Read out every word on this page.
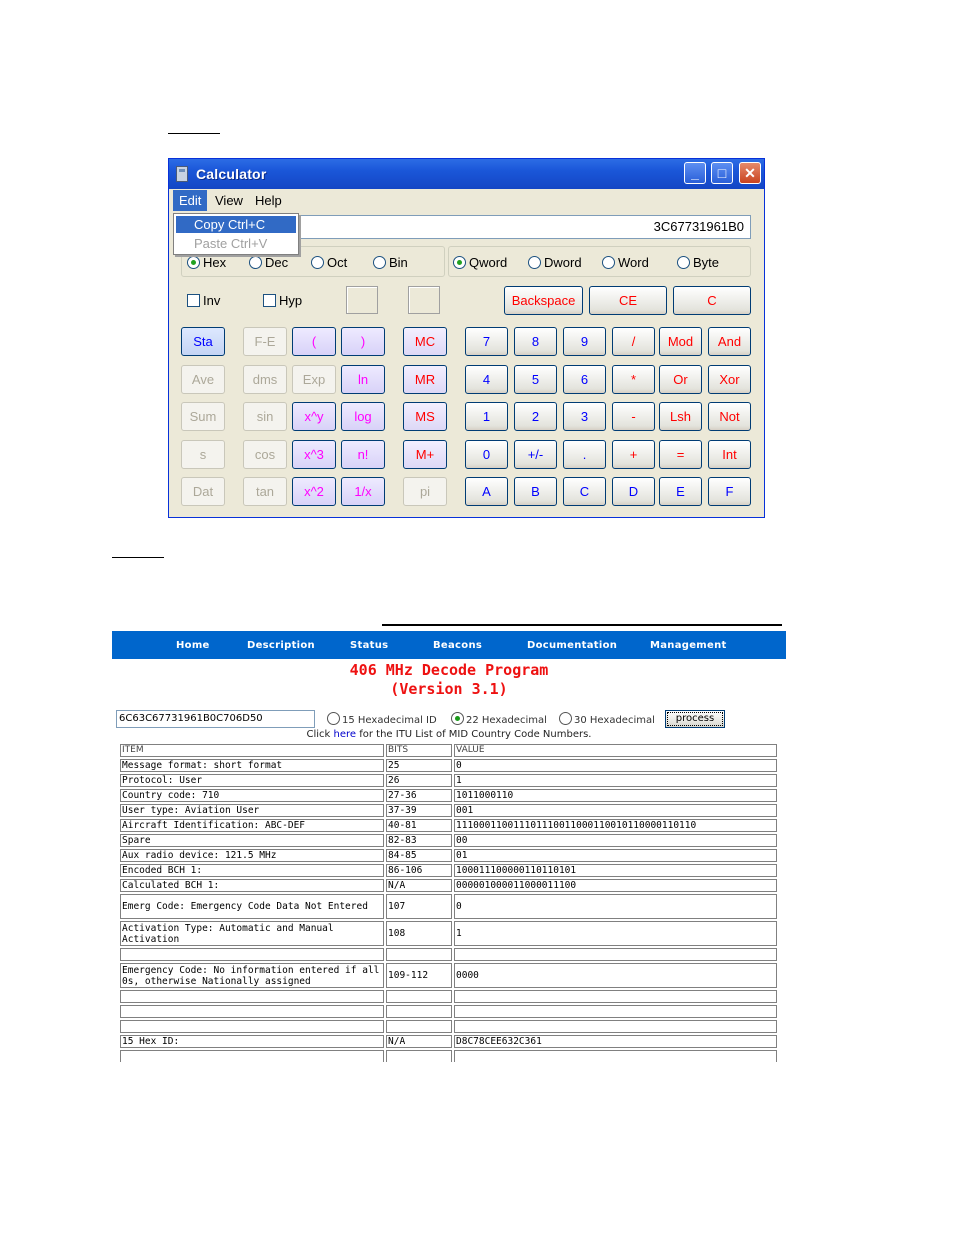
Calculator	_	□	✕
Edit	View Help
Copy Ctrl+C
Paste Ctrl+V
3C67731961B0
Hex	Dec	Oct	Bin	Qword	Dword	Word	Byte
Inv	Hyp	Backspace	CE	C
Sta	F-E	(	)	MC	7	8	9	/	Mod	And
Ave	dms	Exp	ln	MR	4	5	6	*	Or	Xor
Sum	sin	x^y	log	MS	1	2	3	-	Lsh	Not
s	cos	x^3	n!	M+	0	+/-	.	+	=	Int
Dat	tan	x^2	1/x	pi	A	B	C	D	E	F
Home	Description	Status	Beacons	Documentation	Management
406 MHz Decode Program
(Version 3.1)
6C63C67731961B0C706D50	15 Hexadecimal ID	22 Hexadecimal	30 Hexadecimal	process
Click here for the ITU List of MID Country Code Numbers.
ITEM	BITS	VALUE
Message format: short format	25	0
Protocol: User	26	1
Country code: 710	27-36	1011000110
User type: Aviation User	37-39	001
Aircraft Identification: ABC-DEF	40-81	111000110011101110011000110010110000110110
Spare	82-83	00
Aux radio device: 121.5 MHz	84-85	01
Encoded BCH 1:	86-106	100011100000110110101
Calculated BCH 1:	N/A	000001000011000011100
Emerg Code: Emergency Code Data Not Entered	107	0
Activation Type: Automatic and Manual Activation	108	1

Emergency Code: No information entered if all 0s, otherwise Nationally assigned	109-112	0000

15 Hex ID:	N/A	D8C78CEE632C361
